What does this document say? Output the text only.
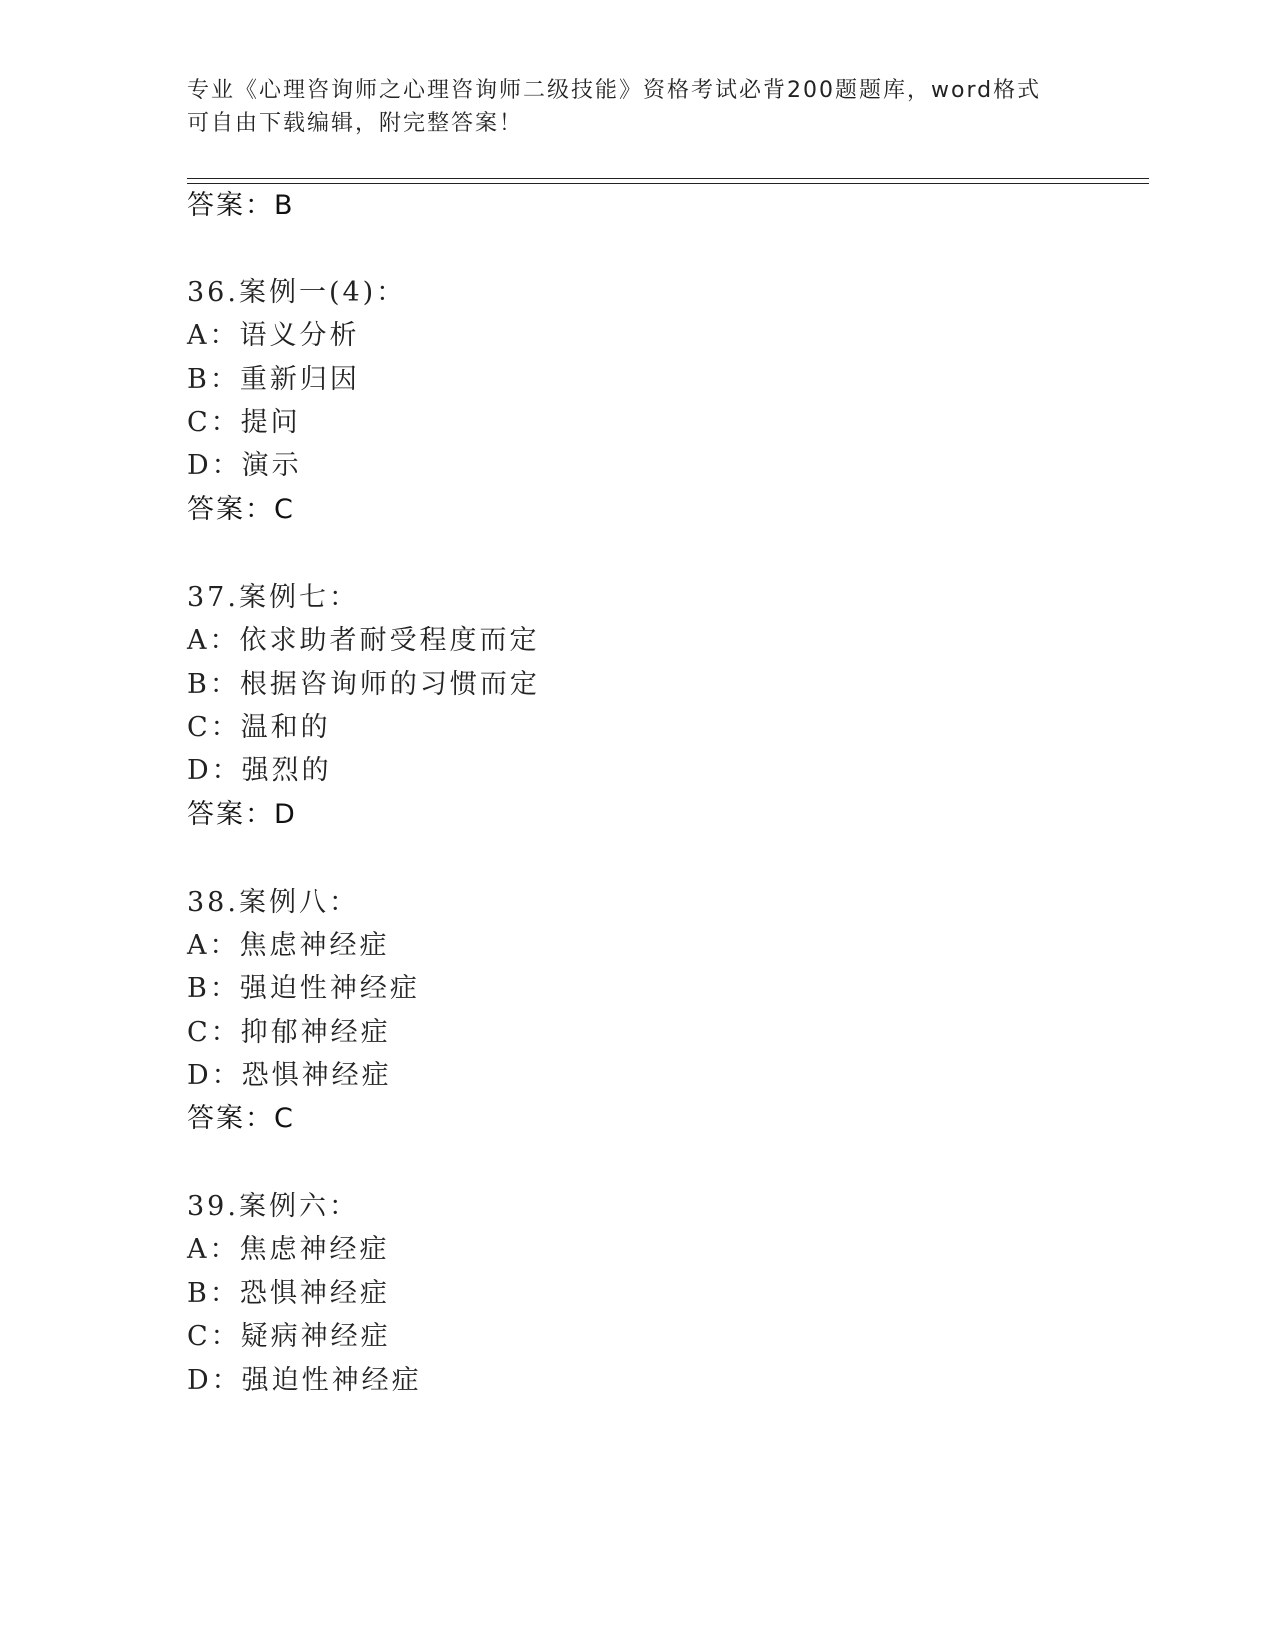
专业《心理咨询师之心理咨询师二级技能》资格考试必背200题题库，word格式
可自由下载编辑，附完整答案！
答案：B
36.案例一(4)：
A：语义分析
B：重新归因
C：提问
D：演示
答案：C
37.案例七：
A：依求助者耐受程度而定
B：根据咨询师的习惯而定
C：温和的
D：强烈的
答案：D
38.案例八：
A：焦虑神经症
B：强迫性神经症
C：抑郁神经症
D：恐惧神经症
答案：C
39.案例六：
A：焦虑神经症
B：恐惧神经症
C：疑病神经症
D：强迫性神经症
